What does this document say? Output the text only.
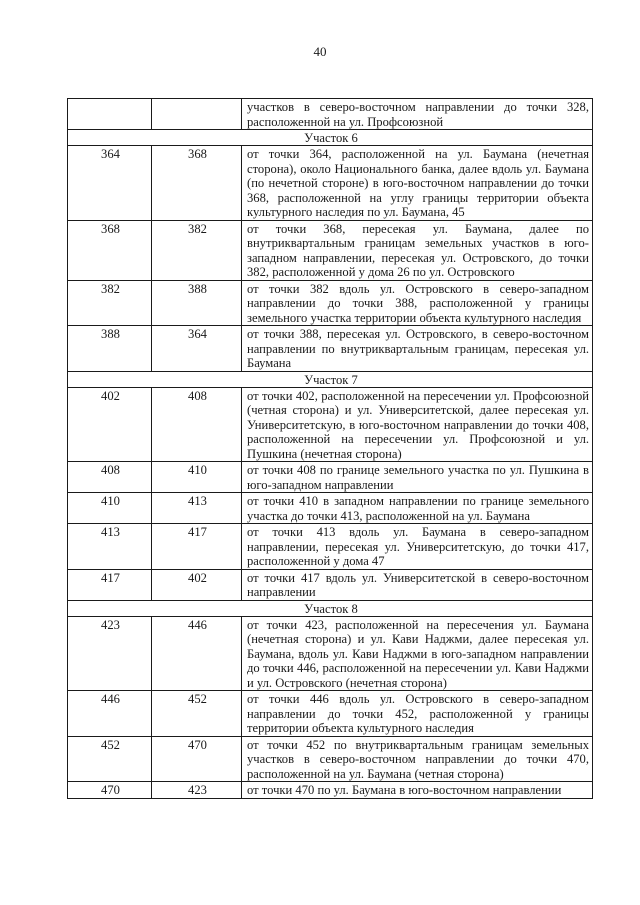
40
		участков в северо-восточном направлении до точки 328, расположенной на ул. Профсоюзной
Участок 6		
364	368	от точки 364, расположенной на ул. Баумана (нечетная сторона), около Национального банка, далее вдоль ул. Баумана (по нечетной стороне) в юго-восточном направлении до точки 368, расположенной на углу границы территории объекта культурного наследия по ул. Баумана, 45
368	382	от точки 368, пересекая ул. Баумана, далее по внутриквартальным границам земельных участков в юго-западном направлении, пересекая ул. Островского, до точки 382, расположенной у дома 26 по ул. Островского
382	388	от точки 382 вдоль ул. Островского в северо-западном направлении до точки 388, расположенной у границы земельного участка территории объекта культурного наследия
388	364	от точки 388, пересекая ул. Островского, в северо-восточном направлении по внутриквартальным границам, пересекая ул. Баумана
Участок 7		
402	408	от точки 402, расположенной на пересечении ул. Профсоюзной (четная сторона) и ул. Университетской, далее пересекая ул. Университетскую, в юго-восточном направлении до точки 408, расположенной на пересечении ул. Профсоюзной и ул. Пушкина (нечетная сторона)
408	410	от точки 408 по границе земельного участка по ул. Пушкина в юго-западном направлении
410	413	от точки 410 в западном направлении по границе земельного участка до точки 413, расположенной на ул. Баумана
413	417	от точки 413 вдоль ул. Баумана в северо-западном направлении, пересекая ул. Университетскую, до точки 417, расположенной у дома 47
417	402	от точки 417 вдоль ул. Университетской в северо-восточном направлении
Участок 8		
423	446	от точки 423, расположенной на пересечения ул. Баумана (нечетная сторона) и ул. Кави Наджми, далее пересекая ул. Баумана, вдоль ул. Кави Наджми в юго-западном направлении до точки 446, расположенной на пересечении ул. Кави Наджми и ул. Островского (нечетная сторона)
446	452	от точки 446 вдоль ул. Островского в северо-западном направлении до точки 452, расположенной у границы территории объекта культурного наследия
452	470	от точки 452 по внутриквартальным границам земельных участков в северо-восточном направлении до точки 470, расположенной на ул. Баумана (четная сторона)
470	423	от точки 470 по ул. Баумана в юго-восточном направлении
